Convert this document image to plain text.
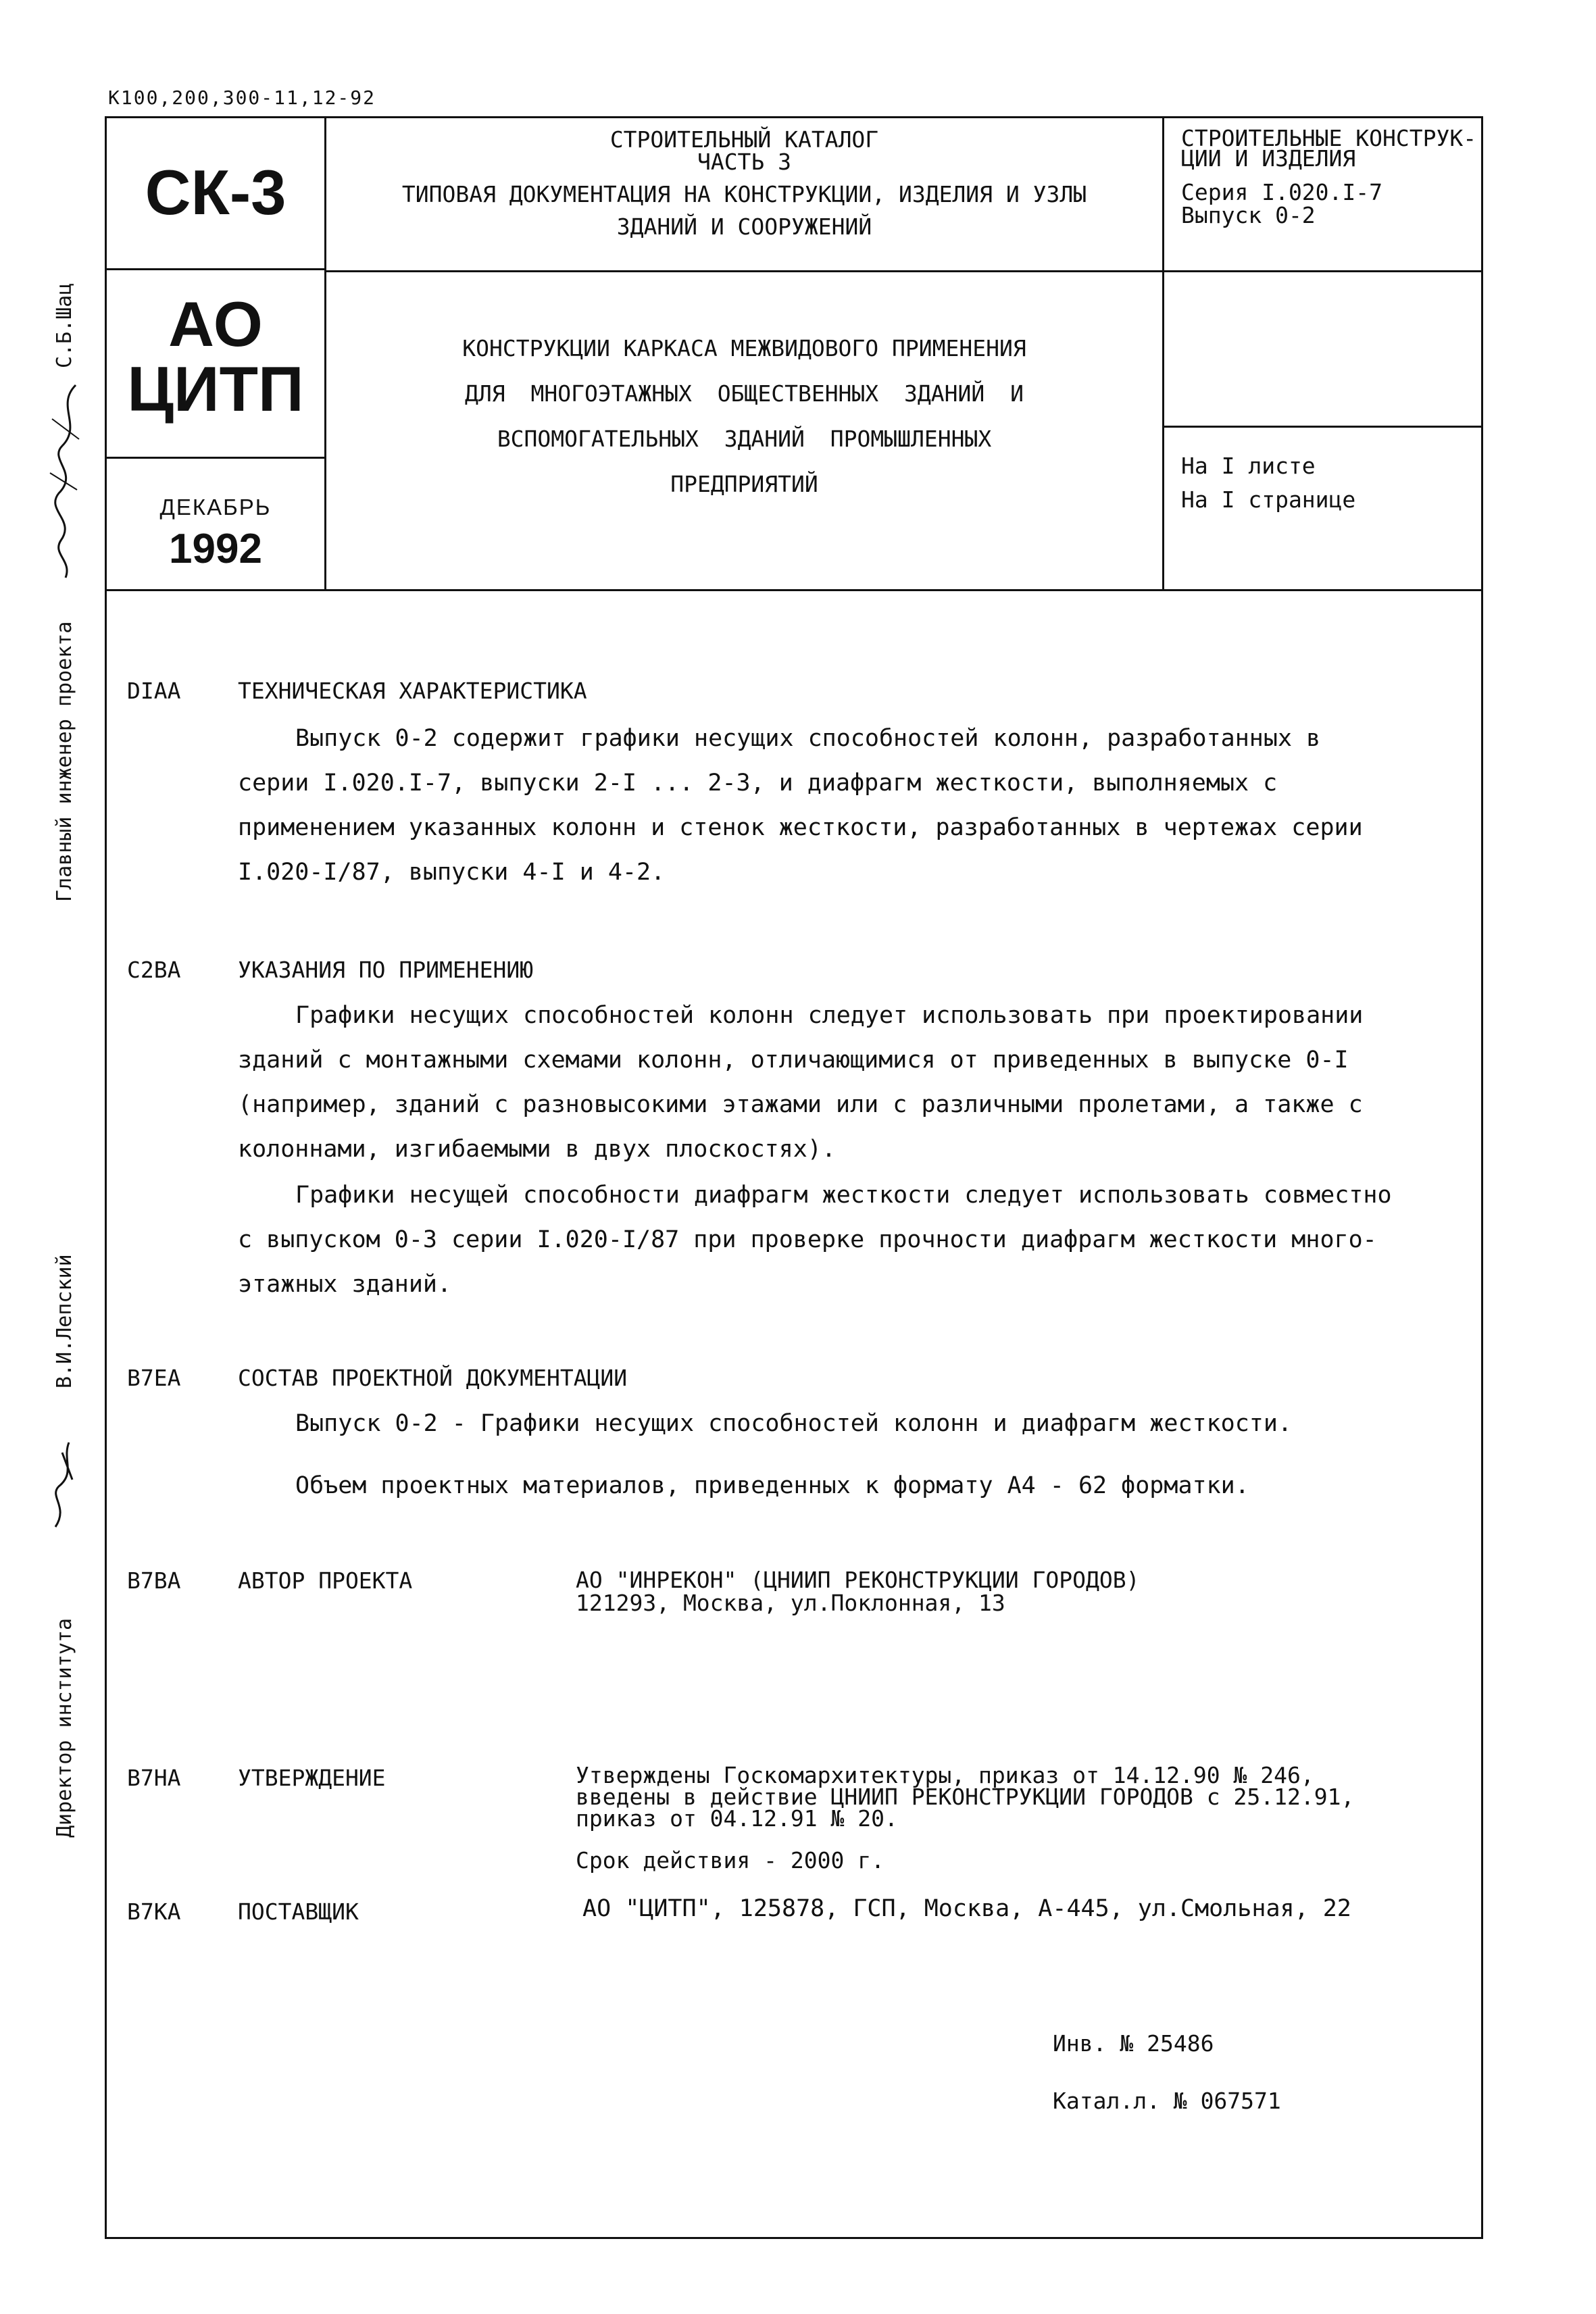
К100,200,300-11,12-92
Главный инженер проекта
С.Б.Шац
Директор института
В.И.Лепский
СК-3
АО
ЦИТП
ДЕКАБРЬ
1992
СТРОИТЕЛЬНЫЙ КАТАЛОГ
ЧАСТЬ 3
ТИПОВАЯ ДОКУМЕНТАЦИЯ НА КОНСТРУКЦИИ, ИЗДЕЛИЯ И УЗЛЫ
ЗДАНИЙ И СООРУЖЕНИЙ
КОНСТРУКЦИИ КАРКАСА МЕЖВИДОВОГО ПРИМЕНЕНИЯ
ДЛЯ МНОГОЭТАЖНЫХ ОБЩЕСТВЕННЫХ ЗДАНИЙ И
ВСПОМОГАТЕЛЬНЫХ ЗДАНИЙ ПРОМЫШЛЕННЫХ
ПРЕДПРИЯТИЙ
СТРОИТЕЛЬНЫЕ КОНСТРУК-
ЦИИ И ИЗДЕЛИЯ
Серия I.020.I-7
Выпуск 0-2
На I листе
На I странице
DIAA	ТЕХНИЧЕСКАЯ ХАРАКТЕРИСТИКА
Выпуск 0-2 содержит графики несущих способностей колонн, разработанных в
серии I.020.I-7, выпуски 2-I ... 2-3, и диафрагм жесткости, выполняемых с
применением указанных колонн и стенок жесткости, разработанных в чертежах серии
I.020-I/87, выпуски 4-I и 4-2.
C2BA	УКАЗАНИЯ ПО ПРИМЕНЕНИЮ
Графики несущих способностей колонн следует использовать при проектировании
зданий с монтажными схемами колонн, отличающимися от приведенных в выпуске 0-I
(например, зданий с разновысокими этажами или с различными пролетами, а также с
колоннами, изгибаемыми в двух плоскостях).
Графики несущей способности диафрагм жесткости следует использовать совместно
с выпуском 0-3 серии I.020-I/87 при проверке прочности диафрагм жесткости много-
этажных зданий.
B7EA	СОСТАВ ПРОЕКТНОЙ ДОКУМЕНТАЦИИ
Выпуск 0-2 - Графики несущих способностей колонн и диафрагм жесткости.
Объем проектных материалов, приведенных к формату А4 - 62 форматки.
B7BA	АВТОР ПРОЕКТА	АО "ИНРЕКОН" (ЦНИИП РЕКОНСТРУКЦИИ ГОРОДОВ)
121293, Москва, ул.Поклонная, 13
B7HA	УТВЕРЖДЕНИЕ	Утверждены Госкомархитектуры, приказ от 14.12.90 № 246,
введены в действие ЦНИИП РЕКОНСТРУКЦИИ ГОРОДОВ с 25.12.91,
приказ от 04.12.91 № 20.
Срок действия - 2000 г.
B7KA	ПОСТАВЩИК	АО "ЦИТП", 125878, ГСП, Москва, А-445, ул.Смольная, 22
Инв. № 25486
Катал.л. № 067571
